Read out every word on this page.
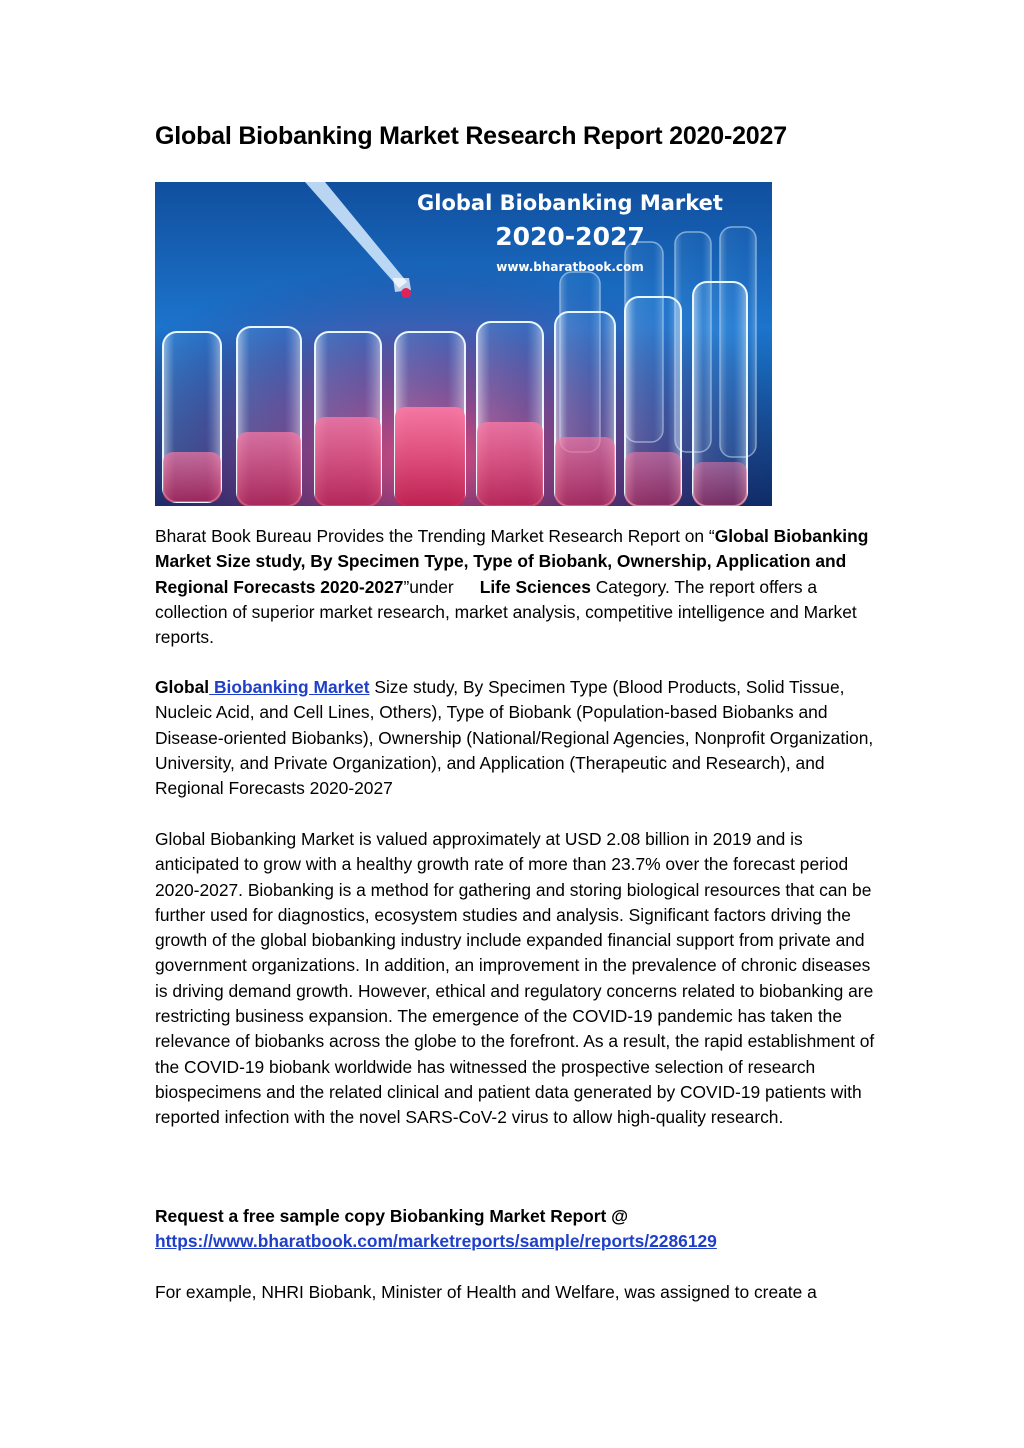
Global Biobanking Market Research Report 2020-2027
Global Biobanking Market
2020-2027
www.bharatbook.com

Bharat Book Bureau Provides the Trending Market Research Report on “Global Biobanking Market Size study, By Specimen Type, Type of Biobank, Ownership, Application and Regional Forecasts 2020-2027”under Life Sciences Category. The report offers a collection of superior market research, market analysis, competitive intelligence and Market reports.

Global Biobanking Market Size study, By Specimen Type (Blood Products, Solid Tissue, Nucleic Acid, and Cell Lines, Others), Type of Biobank (Population-based Biobanks and Disease-oriented Biobanks), Ownership (National/Regional Agencies, Nonprofit Organization, University, and Private Organization), and Application (Therapeutic and Research), and Regional Forecasts 2020-2027

Global Biobanking Market is valued approximately at USD 2.08 billion in 2019 and is anticipated to grow with a healthy growth rate of more than 23.7% over the forecast period 2020-2027. Biobanking is a method for gathering and storing biological resources that can be further used for diagnostics, ecosystem studies and analysis. Significant factors driving the growth of the global biobanking industry include expanded financial support from private and government organizations. In addition, an improvement in the prevalence of chronic diseases is driving demand growth. However, ethical and regulatory concerns related to biobanking are restricting business expansion. The emergence of the COVID-19 pandemic has taken the relevance of biobanks across the globe to the forefront. As a result, the rapid establishment of the COVID-19 biobank worldwide has witnessed the prospective selection of research biospecimens and the related clinical and patient data generated by COVID-19 patients with reported infection with the novel SARS-CoV-2 virus to allow high-quality research.

Request a free sample copy Biobanking Market Report @
https://www.bharatbook.com/marketreports/sample/reports/2286129

For example, NHRI Biobank, Minister of Health and Welfare, was assigned to create a
